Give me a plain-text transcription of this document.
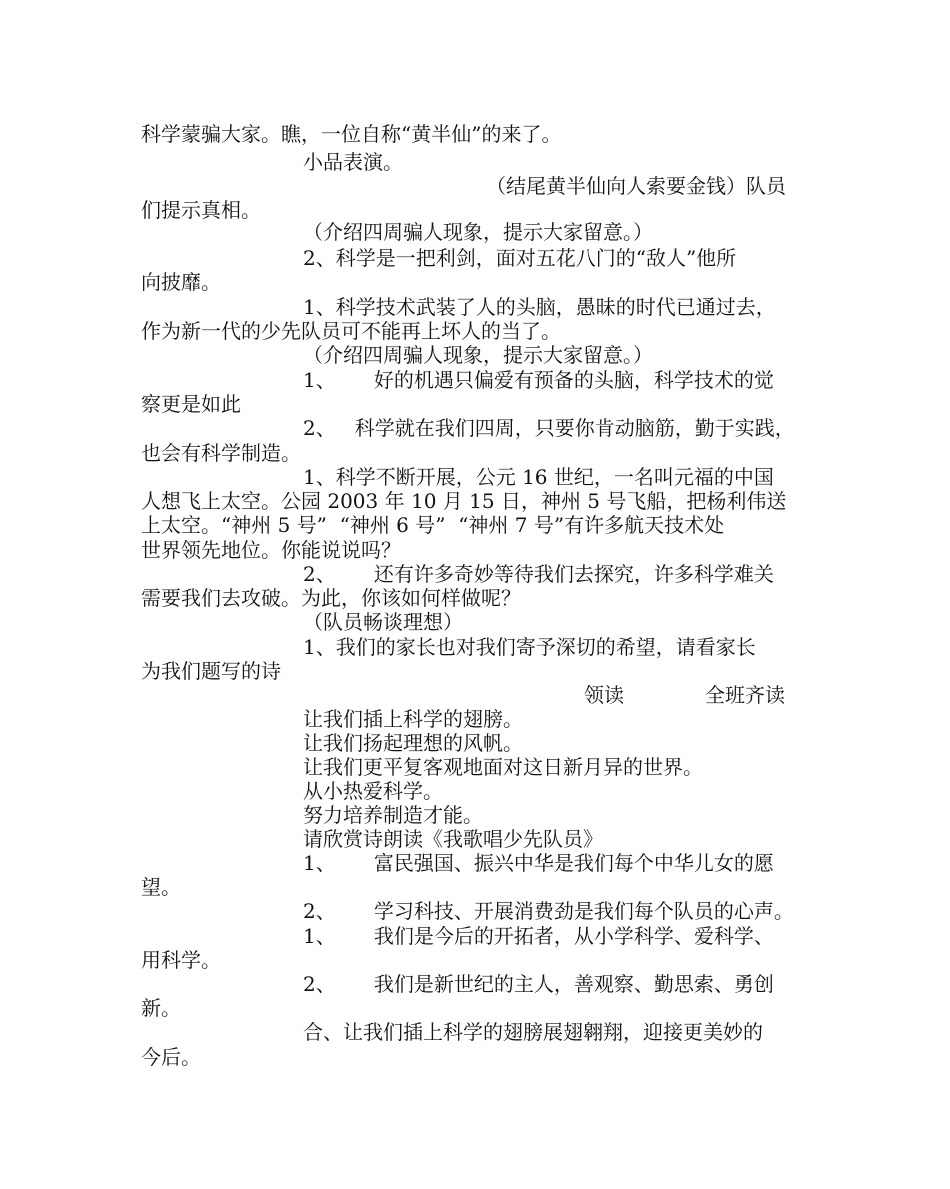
科学蒙骗大家。瞧，一位自称“黄半仙”的来了。
小品表演。
（结尾黄半仙向人索要金钱）队员
们提示真相。
（介绍四周骗人现象，提示大家留意。）
2、科学是一把利剑，面对五花八门的“敌人”他所
向披靡。
1、科学技术武装了人的头脑，愚昧的时代已通过去，
作为新一代的少先队员可不能再上坏人的当了。
（介绍四周骗人现象，提示大家留意。）
1、      好的机遇只偏爱有预备的头脑，科学技术的觉
察更是如此
2、   科学就在我们四周，只要你肯动脑筋，勤于实践，
也会有科学制造。
1、科学不断开展，公元 16 世纪，一名叫元福的中国
人想飞上太空。公园 2003 年 10 月 15 日，神州 5 号飞船，把杨利伟送
上太空。“神州 5 号”  “神州 6 号”  “神州 7 号”有许多航天技术处
世界领先地位。你能说说吗？
2、      还有许多奇妙等待我们去探究，许多科学难关
需要我们去攻破。为此，你该如何样做呢？
（队员畅谈理想）
1、我们的家长也对我们寄予深切的希望，请看家长
为我们题写的诗
领读	全班齐读
让我们插上科学的翅膀。
让我们扬起理想的风帆。
让我们更平复客观地面对这日新月异的世界。
从小热爱科学。
努力培养制造才能。
请欣赏诗朗读《我歌唱少先队员》
1、      富民强国、振兴中华是我们每个中华儿女的愿
望。
2、      学习科技、开展消费劲是我们每个队员的心声。
1、      我们是今后的开拓者，从小学科学、爱科学、
用科学。
2、      我们是新世纪的主人，善观察、勤思索、勇创
新。
合、让我们插上科学的翅膀展翅翱翔，迎接更美妙的
今后。
